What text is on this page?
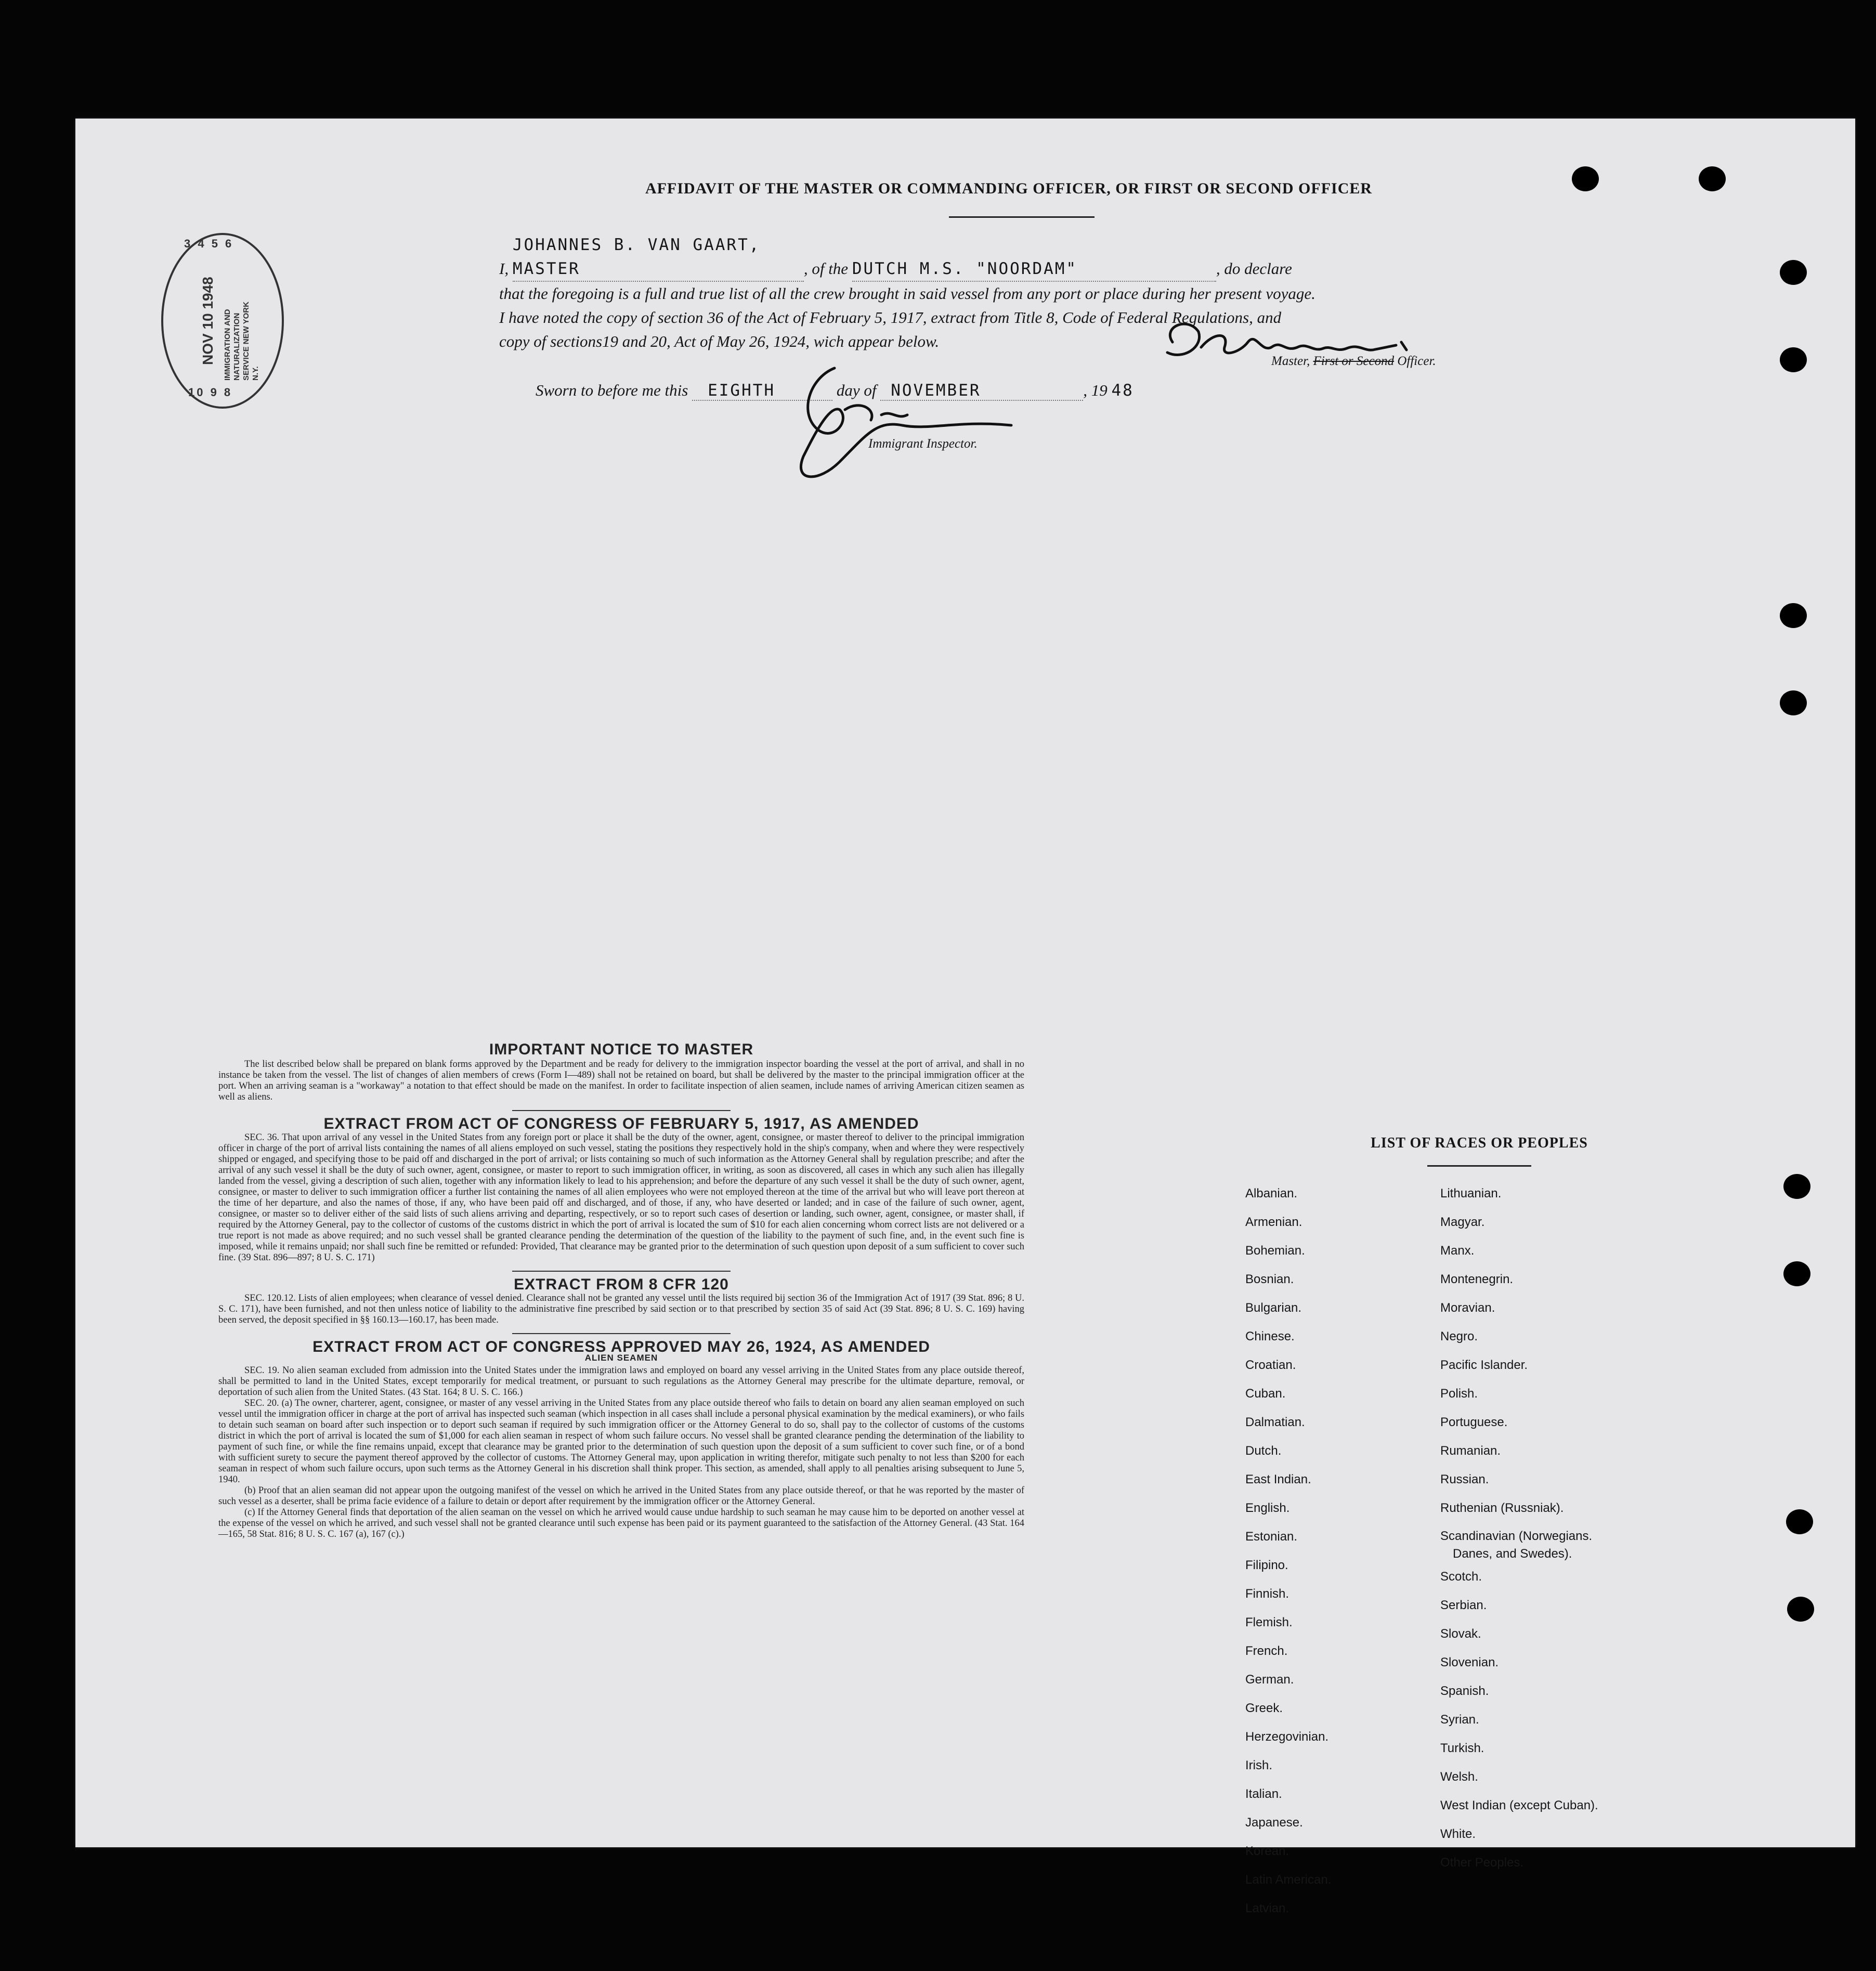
AFFIDAVIT OF THE MASTER OR COMMANDING OFFICER, OR FIRST OR SECOND OFFICER
3 4 5 6
NOV 10 1948 IMMIGRATION AND NATURALIZATION SERVICE NEW YORK N.Y.
10 9 8
I, JOHANNES B. VAN GAART, MASTER	, of the DUTCH M.S. "NOORDAM"	, do declare
that the foregoing is a full and true list of all the crew brought in said vessel from any port or place during her present voyage.
I have noted the copy of section 36 of the Act of February 5, 1917, extract from Title 8, Code of Federal Regulations, and
copy of sections19 and 20, Act of May 26, 1924, wich appear below.
Master, First or Second Officer.
Sworn to before me this EIGHTH	day of NOVEMBER	, 19 48
Immigrant Inspector.
IMPORTANT NOTICE TO MASTER

The list described below shall be prepared on blank forms approved by the Department and be ready for delivery to the immigration inspector boarding the vessel at the port of arrival, and shall in no instance be taken from the vessel. The list of changes of alien members of crews (Form I—489) shall not be retained on board, but shall be delivered by the master to the principal immigration officer at the port. When an arriving seaman is a "workaway" a notation to that effect should be made on the manifest. In order to facilitate inspection of alien seamen, include names of arriving American citizen seamen as well as aliens.

EXTRACT FROM ACT OF CONGRESS OF FEBRUARY 5, 1917, AS AMENDED

SEC. 36. That upon arrival of any vessel in the United States from any foreign port or place it shall be the duty of the owner, agent, consignee, or master thereof to deliver to the principal immigration officer in charge of the port of arrival lists containing the names of all aliens employed on such vessel, stating the positions they respectively hold in the ship's company, when and where they were respectively shipped or engaged, and specifying those to be paid off and discharged in the port of arrival; or lists containing so much of such information as the Attorney General shall by regulation prescribe; and after the arrival of any such vessel it shall be the duty of such owner, agent, consignee, or master to report to such immigration officer, in writing, as soon as discovered, all cases in which any such alien has illegally landed from the vessel, giving a description of such alien, together with any information likely to lead to his apprehension; and before the departure of any such vessel it shall be the duty of such owner, agent, consignee, or master to deliver to such immigration officer a further list containing the names of all alien employees who were not employed thereon at the time of the arrival but who will leave port thereon at the time of her departure, and also the names of those, if any, who have been paid off and discharged, and of those, if any, who have deserted or landed; and in case of the failure of such owner, agent, consignee, or master so to deliver either of the said lists of such aliens arriving and departing, respectively, or so to report such cases of desertion or landing, such owner, agent, consignee, or master shall, if required by the Attorney General, pay to the collector of customs of the customs district in which the port of arrival is located the sum of $10 for each alien concerning whom correct lists are not delivered or a true report is not made as above required; and no such vessel shall be granted clearance pending the determination of the question of the liability to the payment of such fine, and, in the event such fine is imposed, while it remains unpaid; nor shall such fine be remitted or refunded: Provided, That clearance may be granted prior to the determination of such question upon deposit of a sum sufficient to cover such fine. (39 Stat. 896—897; 8 U. S. C. 171)

EXTRACT FROM 8 CFR 120

SEC. 120.12. Lists of alien employees; when clearance of vessel denied. Clearance shall not be granted any vessel until the lists required bij section 36 of the Immigration Act of 1917 (39 Stat. 896; 8 U. S. C. 171), have been furnished, and not then unless notice of liability to the administrative fine prescribed by said section or to that prescribed by section 35 of said Act (39 Stat. 896; 8 U. S. C. 169) having been served, the deposit specified in §§ 160.13—160.17, has been made.

EXTRACT FROM ACT OF CONGRESS APPROVED MAY 26, 1924, AS AMENDED
ALIEN SEAMEN

SEC. 19. No alien seaman excluded from admission into the United States under the immigration laws and employed on board any vessel arriving in the United States from any place outside thereof, shall be permitted to land in the United States, except temporarily for medical treatment, or pursuant to such regulations as the Attorney General may prescribe for the ultimate departure, removal, or deportation of such alien from the United States. (43 Stat. 164; 8 U. S. C. 166.)

SEC. 20. (a) The owner, charterer, agent, consignee, or master of any vessel arriving in the United States from any place outside thereof who fails to detain on board any alien seaman employed on such vessel until the immigration officer in charge at the port of arrival has inspected such seaman (which inspection in all cases shall include a personal physical examination by the medical examiners), or who fails to detain such seaman on board after such inspection or to deport such seaman if required by such immigration officer or the Attorney General to do so, shall pay to the collector of customs of the customs district in which the port of arrival is located the sum of $1,000 for each alien seaman in respect of whom such failure occurs. No vessel shall be granted clearance pending the determination of the liability to payment of such fine, or while the fine remains unpaid, except that clearance may be granted prior to the determination of such question upon the deposit of a sum sufficient to cover such fine, or of a bond with sufficient surety to secure the payment thereof approved by the collector of customs. The Attorney General may, upon application in writing therefor, mitigate such penalty to not less than $200 for each seaman in respect of whom such failure occurs, upon such terms as the Attorney General in his discretion shall think proper. This section, as amended, shall apply to all penalties arising subsequent to June 5, 1940.

(b) Proof that an alien seaman did not appear upon the outgoing manifest of the vessel on which he arrived in the United States from any place outside thereof, or that he was reported by the master of such vessel as a deserter, shall be prima facie evidence of a failure to detain or deport after requirement by the immigration officer or the Attorney General.

(c) If the Attorney General finds that deportation of the alien seaman on the vessel on which he arrived would cause undue hardship to such seaman he may cause him to be deported on another vessel at the expense of the vessel on which he arrived, and such vessel shall not be granted clearance until such expense has been paid or its payment guaranteed to the satisfaction of the Attorney General. (43 Stat. 164—165, 58 Stat. 816; 8 U. S. C. 167 (a), 167 (c).)

LIST OF RACES OR PEOPLES
Albanian.
Armenian.
Bohemian.
Bosnian.
Bulgarian.
Chinese.
Croatian.
Cuban.
Dalmatian.
Dutch.
East Indian.
English.
Estonian.
Filipino.
Finnish.
Flemish.
French.
German.
Greek.
Herzegovinian.
Irish.
Italian.
Japanese.
Korean.
Latin American.
Latvian.
Lithuanian.
Magyar.
Manx.
Montenegrin.
Moravian.
Negro.
Pacific Islander.
Polish.
Portuguese.
Rumanian.
Russian.
Ruthenian (Russniak).
Scandinavian (Norwegians.
Danes, and Swedes).
Scotch.
Serbian.
Slovak.
Slovenian.
Spanish.
Syrian.
Turkish.
Welsh.
West Indian (except Cuban).
White.
Other Peoples.
